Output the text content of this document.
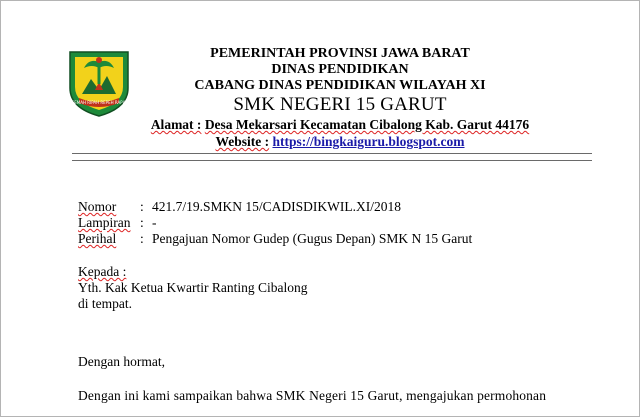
GEMAH RIPAH REPEH RAPIH
PEMERINTAH PROVINSI JAWA BARAT
DINAS PENDIDIKAN
CABANG DINAS PENDIDIKAN WILAYAH XI
SMK NEGERI 15 GARUT
Alamat : Desa Mekarsari Kecamatan Cibalong Kab. Garut 44176
Website : https://bingkaiguru.blogspot.com
Nomor : 421.7/19.SMKN 15/CADISDIKWIL.XI/2018
Lampiran : -
Perihal : Pengajuan Nomor Gudep (Gugus Depan) SMK N 15 Garut
Kepada :
Yth. Kak Ketua Kwartir Ranting Cibalong
di tempat.
Dengan hormat,
Dengan ini kami sampaikan bahwa SMK Negeri 15 Garut, mengajukan permohonan
